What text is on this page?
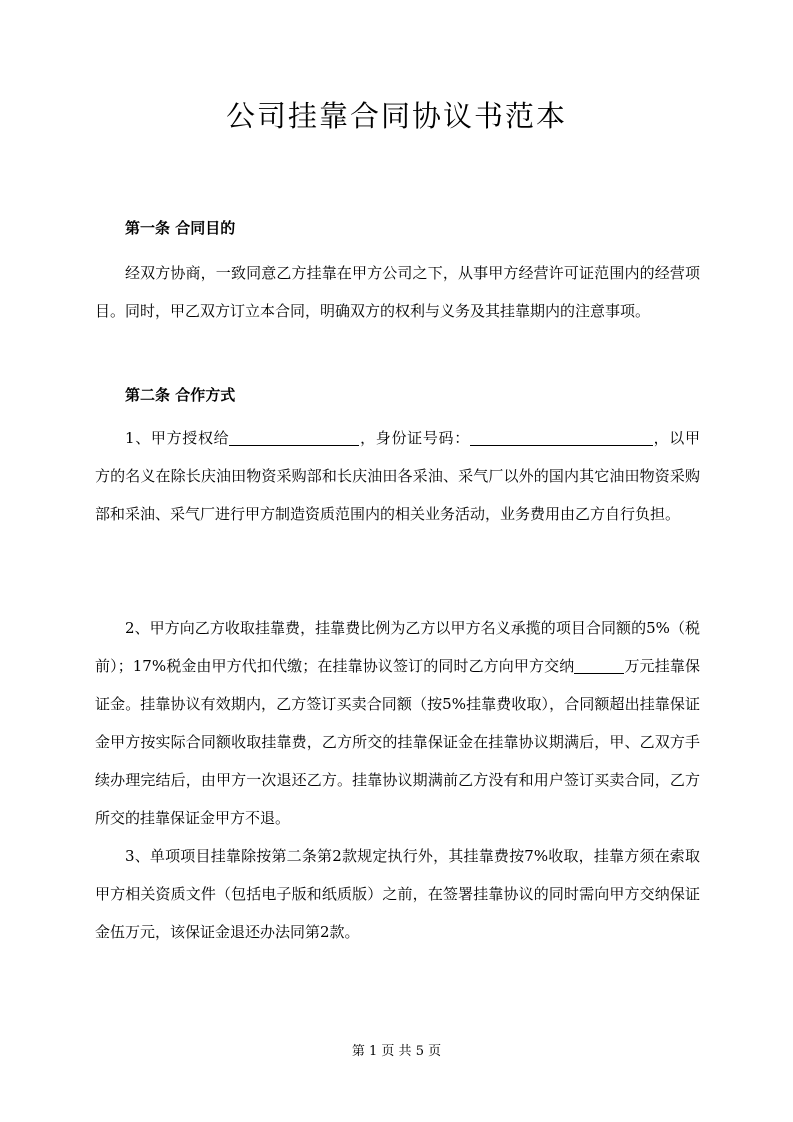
公司挂靠合同协议书范本

第一条 合同目的

经双方协商，一致同意乙方挂靠在甲方公司之下，从事甲方经营许可证范围内的经营项目。同时，甲乙双方订立本合同，明确双方的权利与义务及其挂靠期内的注意事项。

第二条 合作方式

1、甲方授权给	，身份证号码：	，以甲方的名义在除长庆油田物资采购部和长庆油田各采油、采气厂以外的国内其它油田物资采购部和采油、采气厂进行甲方制造资质范围内的相关业务活动，业务费用由乙方自行负担。

2、甲方向乙方收取挂靠费，挂靠费比例为乙方以甲方名义承揽的项目合同额的5%（税前）；17%税金由甲方代扣代缴；在挂靠协议签订的同时乙方向甲方交纳	万元挂靠保证金。挂靠协议有效期内，乙方签订买卖合同额（按5%挂靠费收取），合同额超出挂靠保证金甲方按实际合同额收取挂靠费，乙方所交的挂靠保证金在挂靠协议期满后，甲、乙双方手续办理完结后，由甲方一次退还乙方。挂靠协议期满前乙方没有和用户签订买卖合同，乙方所交的挂靠保证金甲方不退。

3、单项项目挂靠除按第二条第2款规定执行外，其挂靠费按7%收取，挂靠方须在索取甲方相关资质文件（包括电子版和纸质版）之前，在签署挂靠协议的同时需向甲方交纳保证金伍万元，该保证金退还办法同第2款。

第 1 页 共 5 页
